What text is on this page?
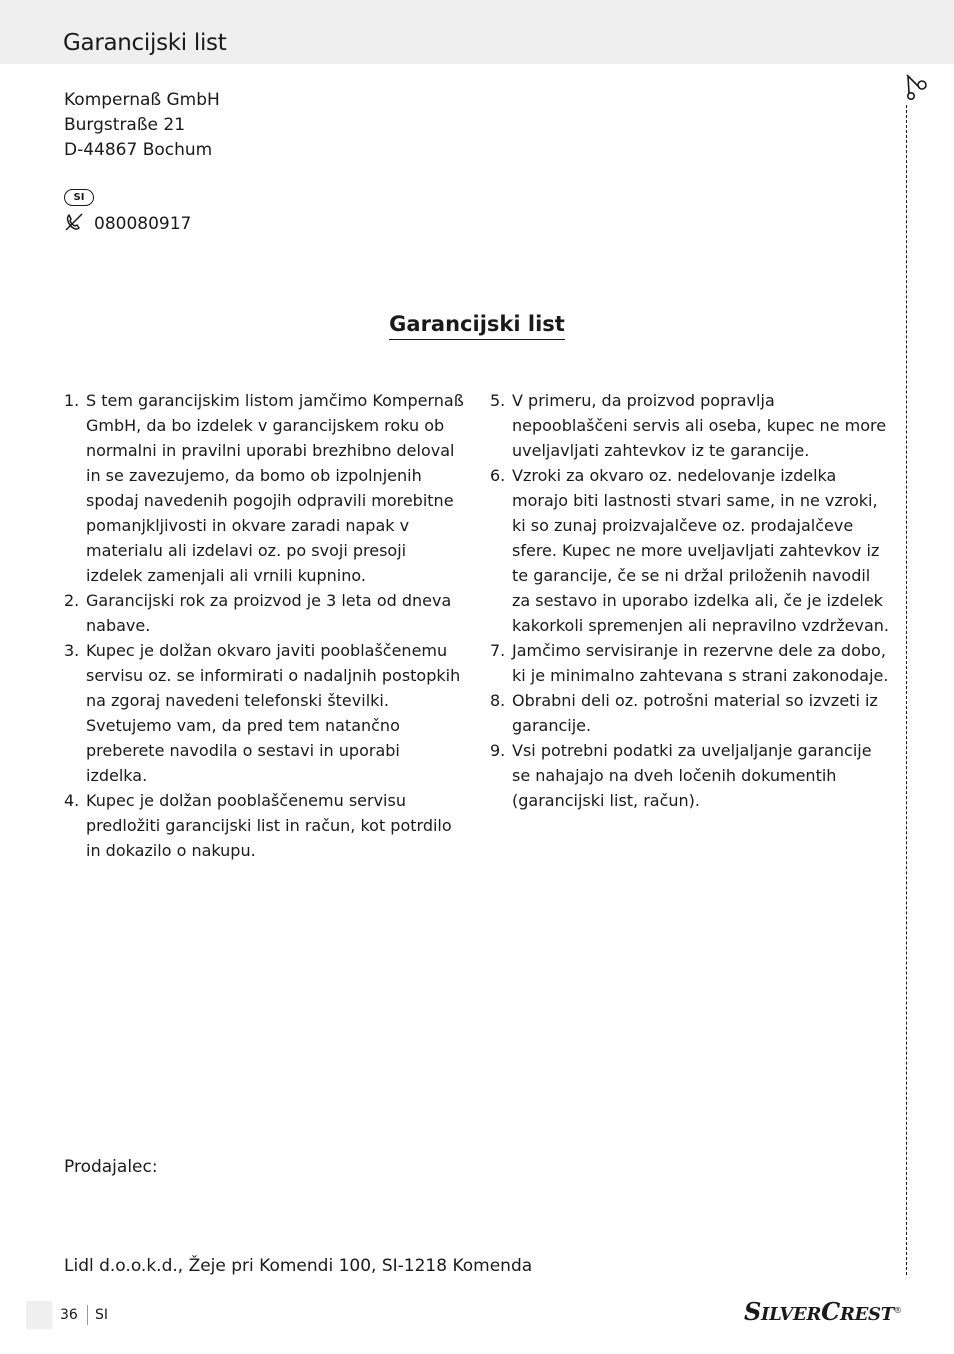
Garancijski list
Kompernaß GmbH
Burgstraße 21
D-44867 Bochum
SI
080080917
Garancijski list
1. S tem garancijskim listom jamčimo Kompernaß GmbH, da bo izdelek v garancijskem roku ob normalni in pravilni uporabi brezhibno deloval in se zavezujemo, da bomo ob izpolnjenih spodaj navedenih pogojih odpravili morebitne pomanjkljivosti in okvare zaradi napak v materialu ali izdelavi oz. po svoji presoji izdelek zamenjali ali vrnili kupnino.
2. Garancijski rok za proizvod je 3 leta od dneva nabave.
3. Kupec je dolžan okvaro javiti pooblaščenemu servisu oz. se informirati o nadaljnih postopkih na zgoraj navedeni telefonski številki. Svetujemo vam, da pred tem natančno preberete navodila o sestavi in uporabi izdelka.
4. Kupec je dolžan pooblaščenemu servisu predložiti garancijski list in račun, kot potrdilo in dokazilo o nakupu.
5. V primeru, da proizvod popravlja nepooblaščeni servis ali oseba, kupec ne more uveljavljati zahtevkov iz te garancije.
6. Vzroki za okvaro oz. nedelovanje izdelka morajo biti lastnosti stvari same, in ne vzroki, ki so zunaj proizvajalčeve oz. prodajalčeve sfere. Kupec ne more uveljavljati zahtevkov iz te garancije, če se ni držal priloženih navodil za sestavo in uporabo izdelka ali, če je izdelek kakorkoli spremenjen ali nepravilno vzdrževan.
7. Jamčimo servisiranje in rezervne dele za dobo, ki je minimalno zahtevana s strani zakonodaje.
8. Obrabni deli oz. potrošni material so izvzeti iz garancije.
9. Vsi potrebni podatki za uveljaljanje garancije se nahajajo na dveh ločenih dokumentih (garancijski list, račun).
Prodajalec:
Lidl d.o.o.k.d., Žeje pri Komendi 100, SI-1218 Komenda
36 SI	SILVERCREST®
